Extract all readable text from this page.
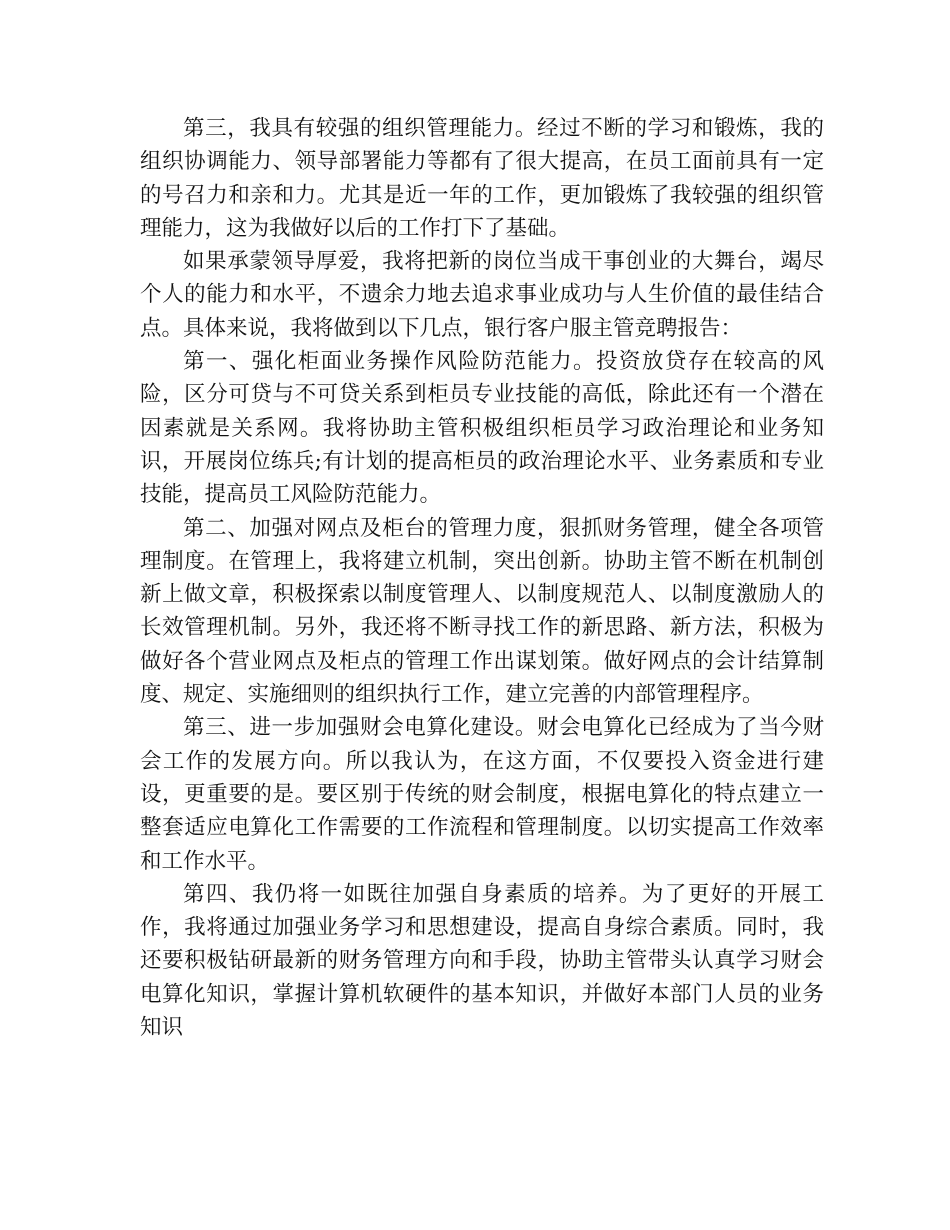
第三，我具有较强的组织管理能力。经过不断的学习和锻炼，我的组织协调能力、领导部署能力等都有了很大提高，在员工面前具有一定的号召力和亲和力。尤其是近一年的工作，更加锻炼了我较强的组织管理能力，这为我做好以后的工作打下了基础。

如果承蒙领导厚爱，我将把新的岗位当成干事创业的大舞台，竭尽个人的能力和水平，不遗余力地去追求事业成功与人生价值的最佳结合点。具体来说，我将做到以下几点，银行客户服主管竞聘报告：

第一、强化柜面业务操作风险防范能力。投资放贷存在较高的风险，区分可贷与不可贷关系到柜员专业技能的高低，除此还有一个潜在因素就是关系网。我将协助主管积极组织柜员学习政治理论和业务知识，开展岗位练兵;有计划的提高柜员的政治理论水平、业务素质和专业技能，提高员工风险防范能力。

第二、加强对网点及柜台的管理力度，狠抓财务管理，健全各项管理制度。在管理上，我将建立机制，突出创新。协助主管不断在机制创新上做文章，积极探索以制度管理人、以制度规范人、以制度激励人的长效管理机制。另外，我还将不断寻找工作的新思路、新方法，积极为做好各个营业网点及柜点的管理工作出谋划策。做好网点的会计结算制度、规定、实施细则的组织执行工作，建立完善的内部管理程序。

第三、进一步加强财会电算化建设。财会电算化已经成为了当今财会工作的发展方向。所以我认为，在这方面，不仅要投入资金进行建设，更重要的是。要区别于传统的财会制度，根据电算化的特点建立一整套适应电算化工作需要的工作流程和管理制度。以切实提高工作效率和工作水平。

第四、我仍将一如既往加强自身素质的培养。为了更好的开展工作，我将通过加强业务学习和思想建设，提高自身综合素质。同时，我还要积极钻研最新的财务管理方向和手段，协助主管带头认真学习财会电算化知识，掌握计算机软硬件的基本知识，并做好本部门人员的业务知识
